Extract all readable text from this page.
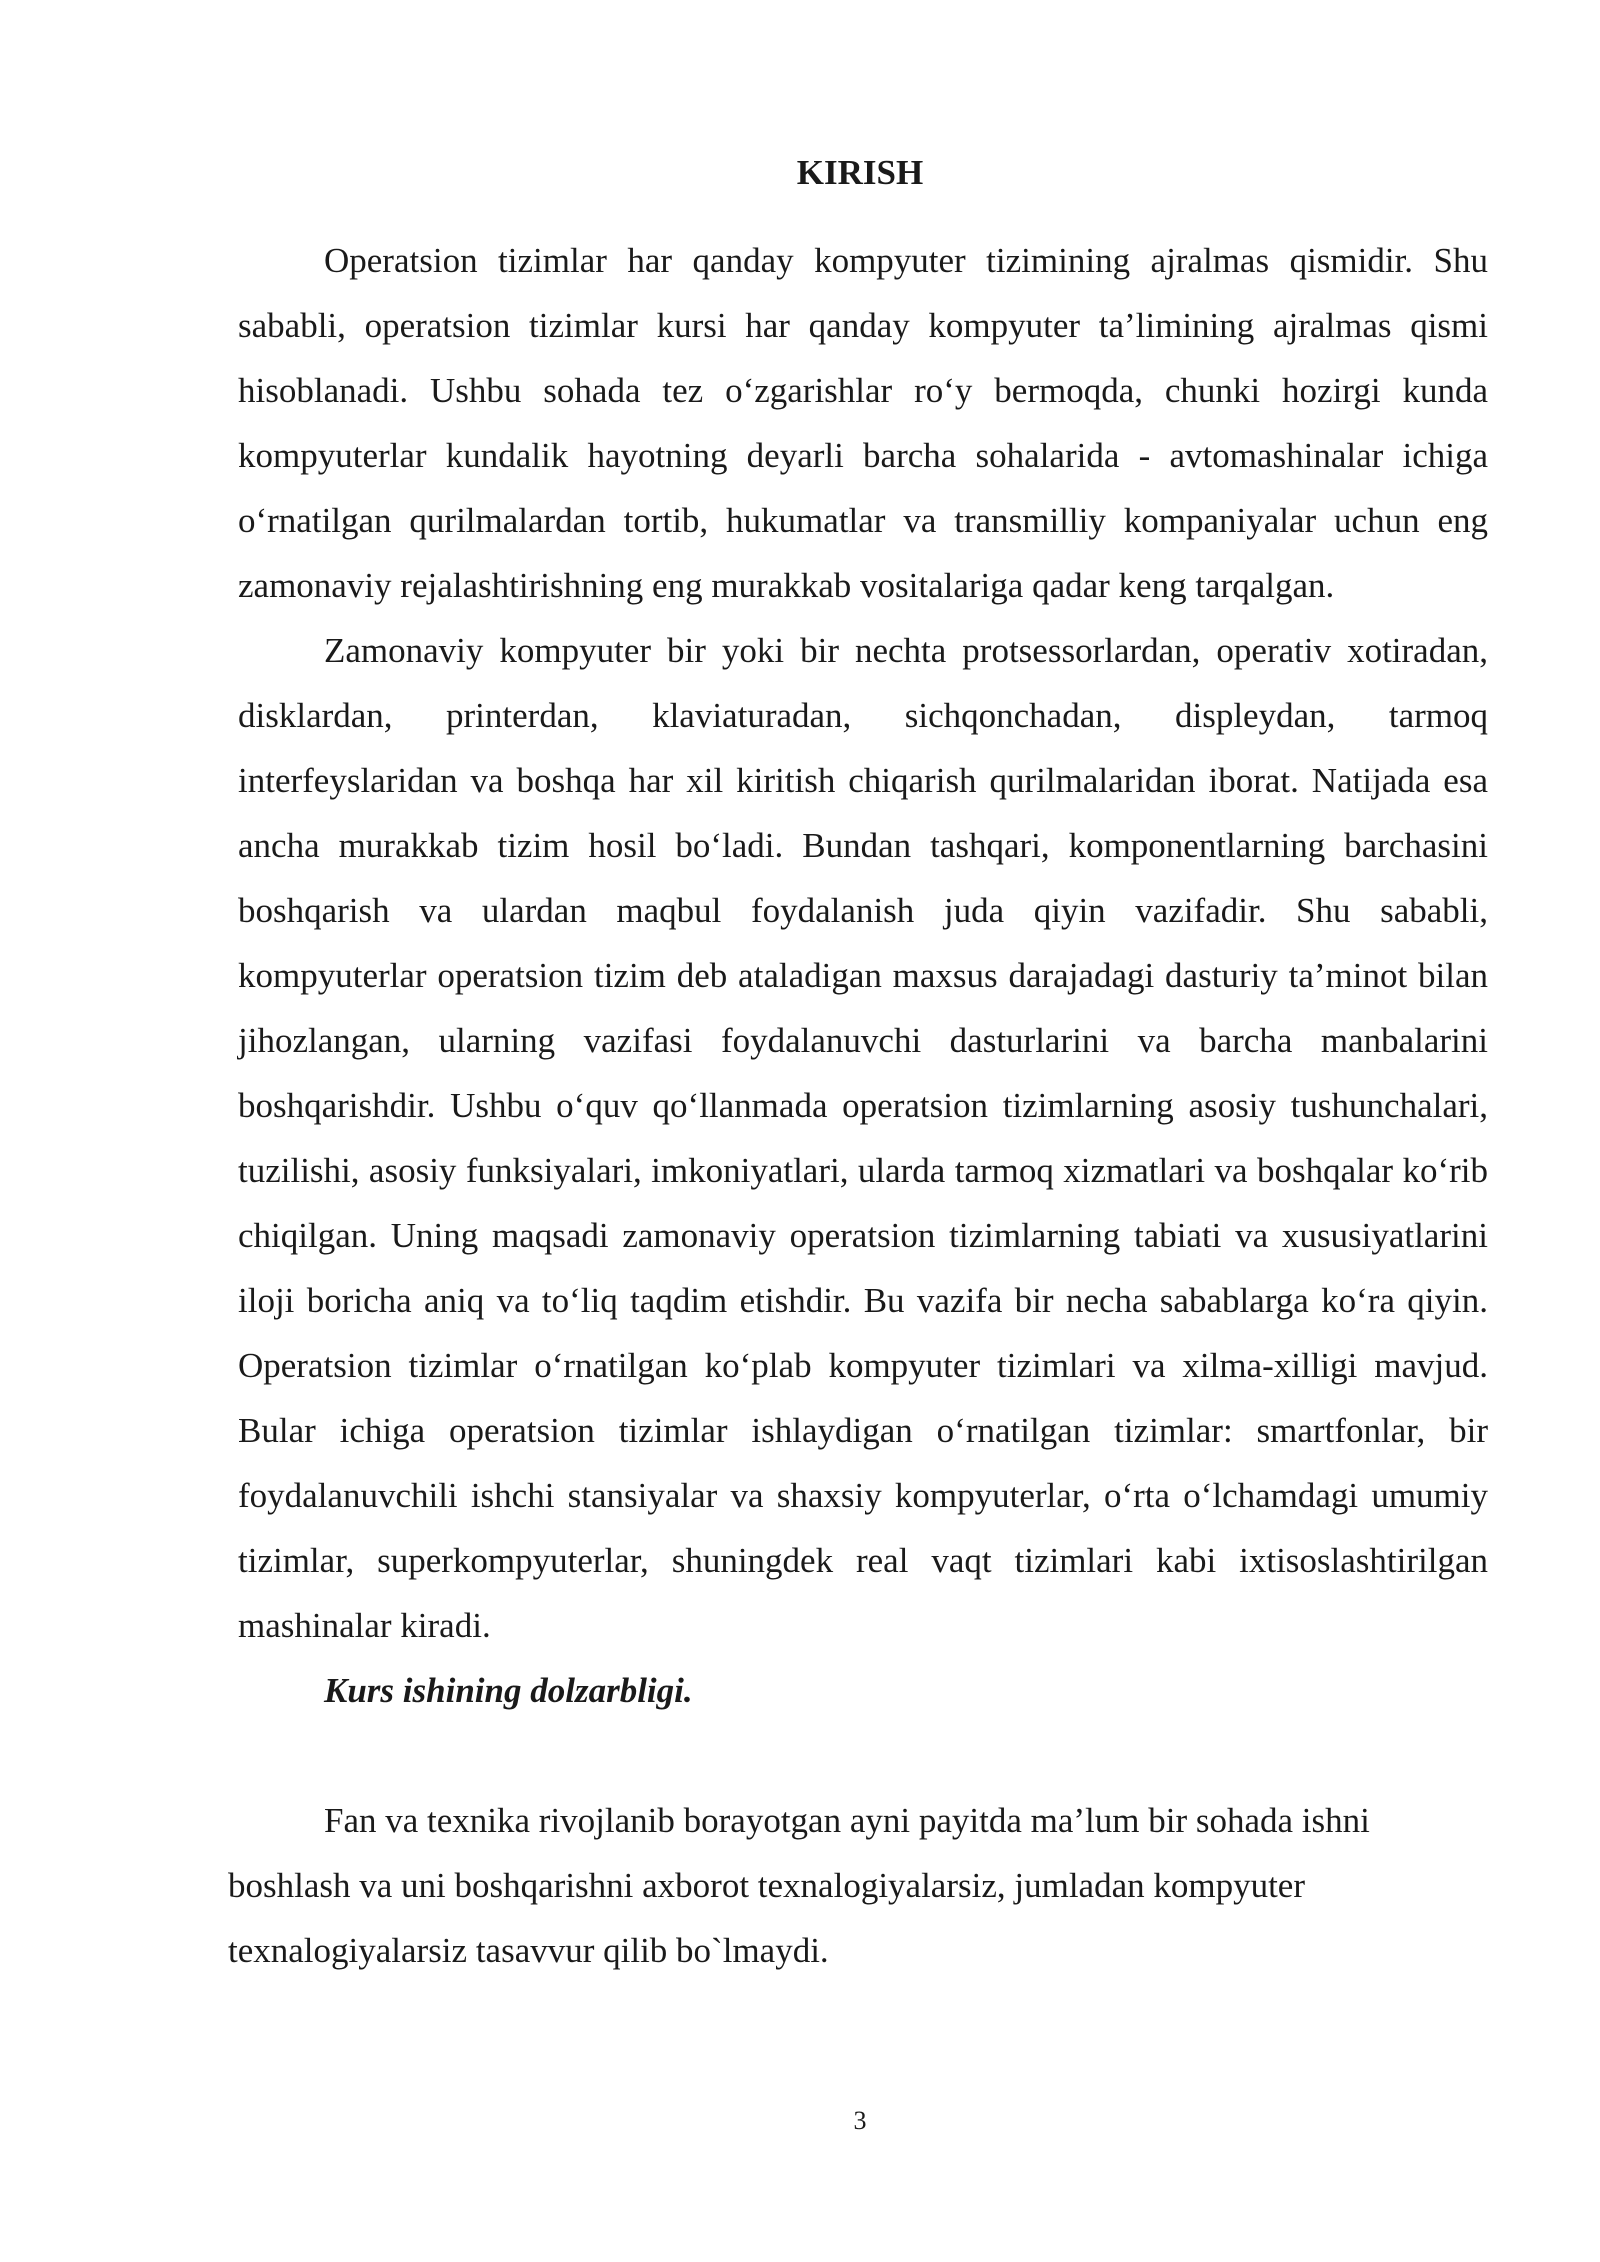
KIRISH

Operatsion tizimlar har qanday kompyuter tizimining ajralmas qismidir. Shu sababli, operatsion tizimlar kursi har qanday kompyuter ta’limining ajralmas qismi hisoblanadi. Ushbu sohada tez o‘zgarishlar ro‘y bermoqda, chunki hozirgi kunda kompyuterlar kundalik hayotning deyarli barcha sohalarida - avtomashinalar ichiga o‘rnatilgan qurilmalardan tortib, hukumatlar va transmilliy kompaniyalar uchun eng zamonaviy rejalashtirishning eng murakkab vositalariga qadar keng tarqalgan.

Zamonaviy kompyuter bir yoki bir nechta protsessorlardan, operativ xotiradan, disklardan, printerdan, klaviaturadan, sichqonchadan, displeydan, tarmoq interfeyslaridan va boshqa har xil kiritish chiqarish qurilmalaridan iborat. Natijada esa ancha murakkab tizim hosil bo‘ladi. Bundan tashqari, komponentlarning barchasini boshqarish va ulardan maqbul foydalanish juda qiyin vazifadir. Shu sababli, kompyuterlar operatsion tizim deb ataladigan maxsus darajadagi dasturiy ta’minot bilan jihozlangan, ularning vazifasi foydalanuvchi dasturlarini va barcha manbalarini boshqarishdir. Ushbu o‘quv qo‘llanmada operatsion tizimlarning asosiy tushunchalari, tuzilishi, asosiy funksiyalari, imkoniyatlari, ularda tarmoq xizmatlari va boshqalar ko‘rib chiqilgan. Uning maqsadi zamonaviy operatsion tizimlarning tabiati va xususiyatlarini iloji boricha aniq va to‘liq taqdim etishdir. Bu vazifa bir necha sabablarga ko‘ra qiyin. Operatsion tizimlar o‘rnatilgan ko‘plab kompyuter tizimlari va xilma-xilligi mavjud. Bular ichiga operatsion tizimlar ishlaydigan o‘rnatilgan tizimlar: smartfonlar, bir foydalanuvchili ishchi stansiyalar va shaxsiy kompyuterlar, o‘rta o‘lchamdagi umumiy tizimlar, superkompyuterlar, shuningdek real vaqt tizimlari kabi ixtisoslashtirilgan mashinalar kiradi.

Kurs ishining dolzarbligi.

Fan va texnika rivojlanib borayotgan ayni payitda ma’lum bir sohada ishni boshlash va uni boshqarishni axborot texnalogiyalarsiz, jumladan kompyuter texnalogiyalarsiz tasavvur qilib bo`lmaydi.

3
